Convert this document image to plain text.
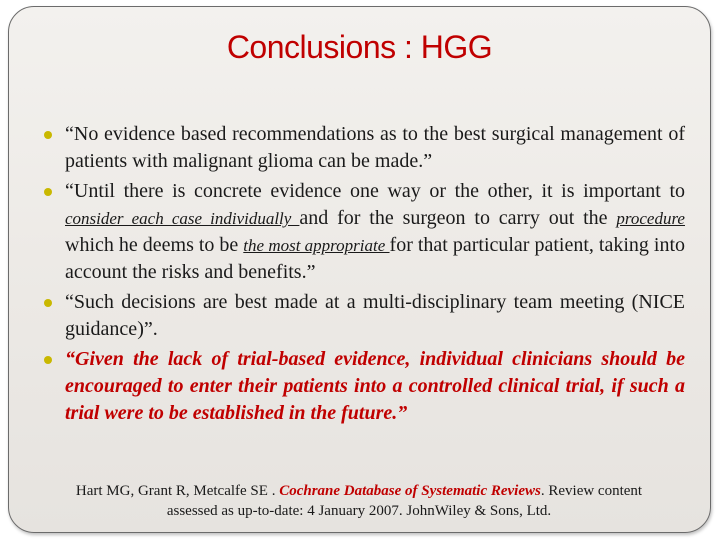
Conclusions : HGG
“No evidence based recommendations as to the best surgical management of patients with malignant glioma can be made.”
“Until there is concrete evidence one way or the other, it is important to consider each case individually and for the surgeon to carry out the procedure which he deems to be the most appropriate for that particular patient, taking into account the risks and benefits.”
“Such decisions are best made at a multi-disciplinary team meeting (NICE guidance)”.
“Given the lack of trial-based evidence, individual clinicians should be encouraged to enter their patients into a controlled clinical trial, if such a trial were to be established in the future.”
Hart MG, Grant R, Metcalfe SE . Cochrane Database of Systematic Reviews. Review content assessed as up-to-date: 4 January 2007. JohnWiley & Sons, Ltd.
